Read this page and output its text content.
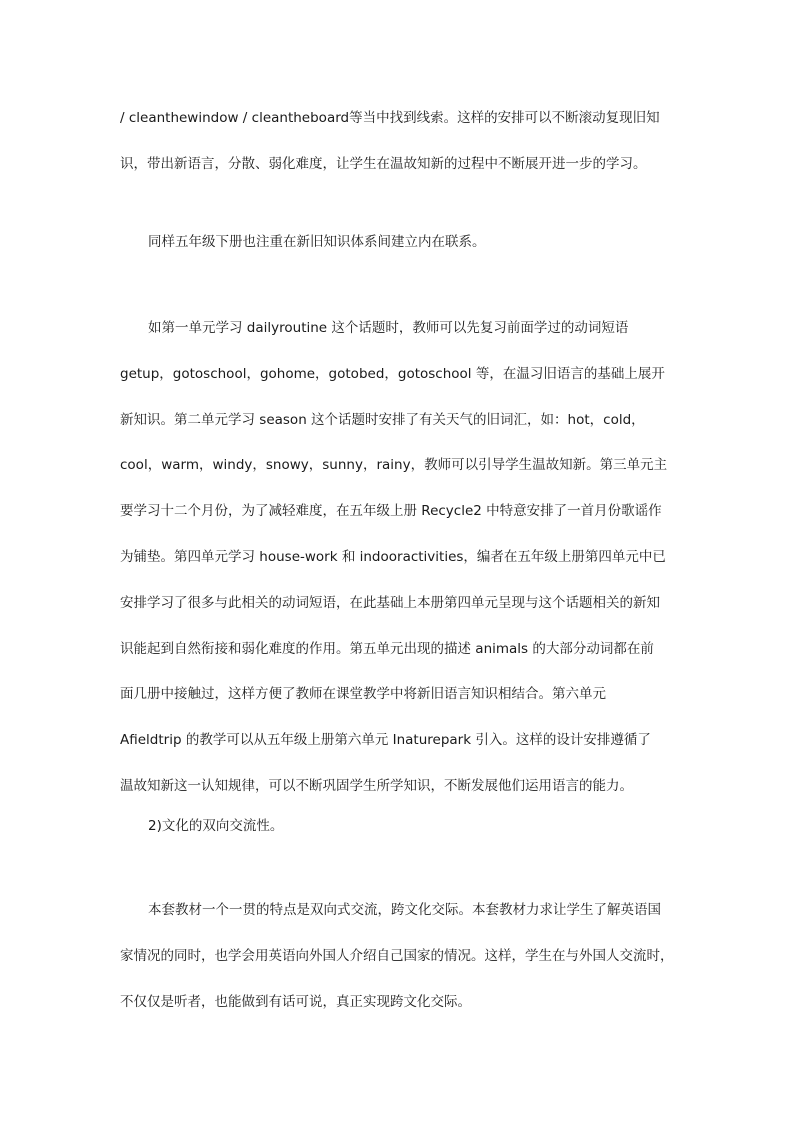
/ cleanthewindow / cleantheboard等当中找到线索。这样的安排可以不断滚动复现旧知
识，带出新语言，分散、弱化难度，让学生在温故知新的过程中不断展开进一步的学习。
同样五年级下册也注重在新旧知识体系间建立内在联系。
如第一单元学习 dailyroutine 这个话题时，教师可以先复习前面学过的动词短语
getup，gotoschool，gohome，gotobed，gotoschool 等，在温习旧语言的基础上展开
新知识。第二单元学习 season 这个话题时安排了有关天气的旧词汇，如：hot，cold，
cool，warm，windy，snowy，sunny，rainy，教师可以引导学生温故知新。第三单元主
要学习十二个月份，为了减轻难度，在五年级上册 Recycle2 中特意安排了一首月份歌谣作
为铺垫。第四单元学习 house-work 和 indooractivities，编者在五年级上册第四单元中已
安排学习了很多与此相关的动词短语，在此基础上本册第四单元呈现与这个话题相关的新知
识能起到自然衔接和弱化难度的作用。第五单元出现的描述 animals 的大部分动词都在前
面几册中接触过，这样方便了教师在课堂教学中将新旧语言知识相结合。第六单元
Afieldtrip 的教学可以从五年级上册第六单元 Inaturepark 引入。这样的设计安排遵循了
温故知新这一认知规律，可以不断巩固学生所学知识，不断发展他们运用语言的能力。
2)文化的双向交流性。
本套教材一个一贯的特点是双向式交流，跨文化交际。本套教材力求让学生了解英语国
家情况的同时，也学会用英语向外国人介绍自己国家的情况。这样，学生在与外国人交流时，
不仅仅是听者，也能做到有话可说，真正实现跨文化交际。
